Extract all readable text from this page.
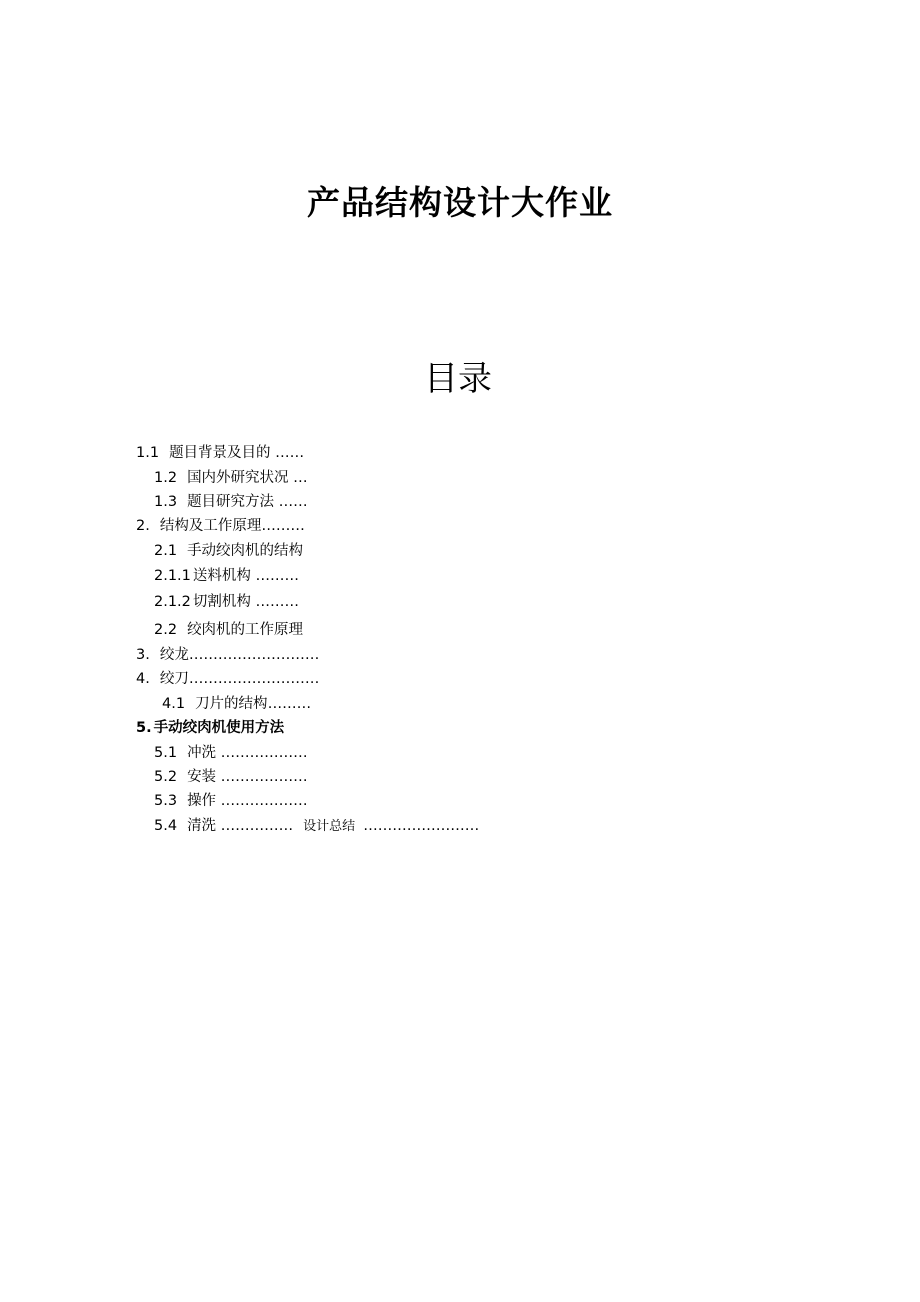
产品结构设计大作业
目录
1.1 题目背景及目的 ……
1.2 国内外研究状况 …
1.3 题目研究方法 ……
2. 结构及工作原理………
2.1 手动绞肉机的结构
2.1.1 送料机构 ………
2.1.2 切割机构 ………
2.2 绞肉机的工作原理
3. 绞龙………………………
4. 绞刀………………………
4.1 刀片的结构………
5. 手动绞肉机使用方法
5.1 冲洗 ………………
5.2 安装 ………………
5.3 操作 ………………
5.4 清洗 …………… 设计总结 ……………………
